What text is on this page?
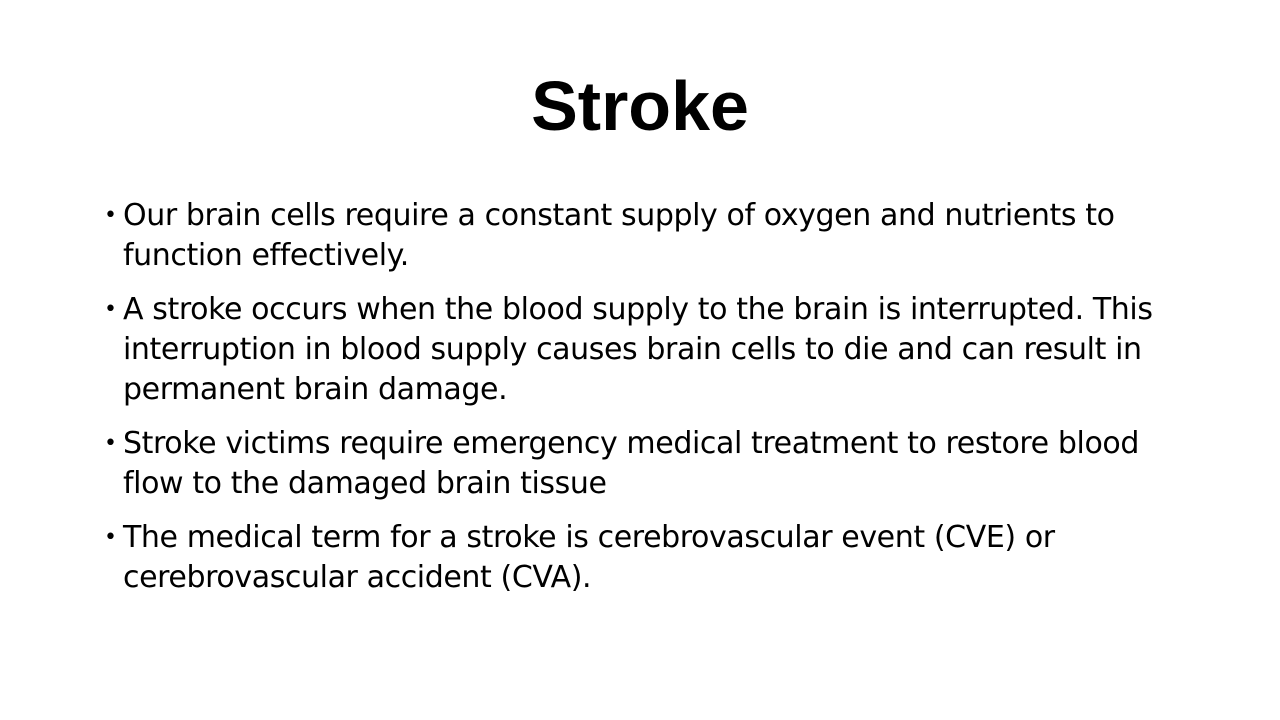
Stroke
• Our brain cells require a constant supply of oxygen and nutrients to function effectively.
• A stroke occurs when the blood supply to the brain is interrupted. This interruption in blood supply causes brain cells to die and can result in permanent brain damage.
• Stroke victims require emergency medical treatment to restore blood flow to the damaged brain tissue
• The medical term for a stroke is cerebrovascular event (CVE) or cerebrovascular accident (CVA).
